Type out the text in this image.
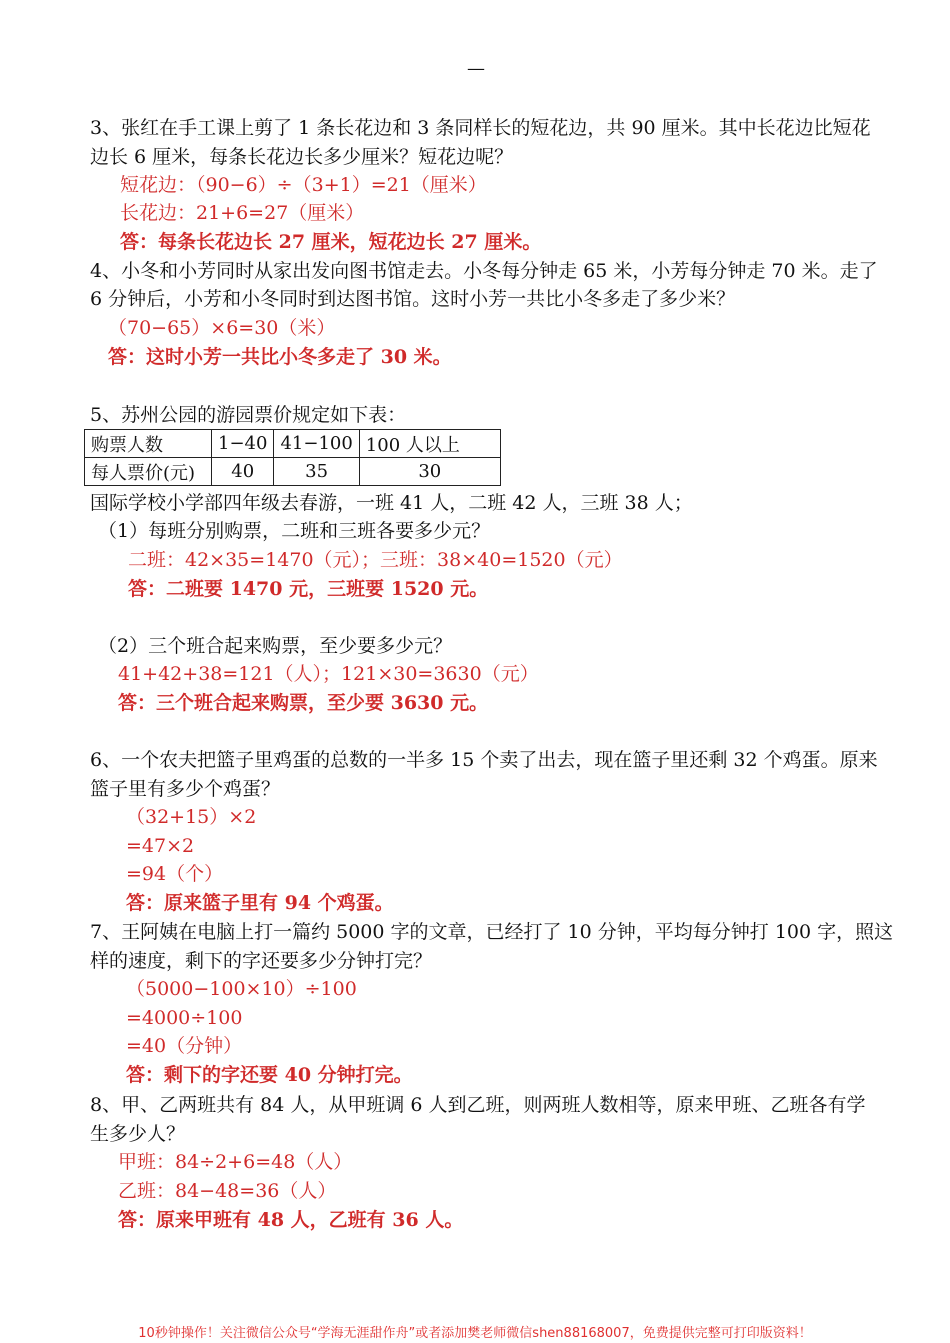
—
3、张红在手工课上剪了 1 条长花边和 3 条同样长的短花边，共 90 厘米。其中长花边比短花
边长 6 厘米，每条长花边长多少厘米？短花边呢？
短花边：（90−6）÷（3+1）=21（厘米）
长花边：21+6=27（厘米）
答：每条长花边长 27 厘米，短花边长 27 厘米。
4、小冬和小芳同时从家出发向图书馆走去。小冬每分钟走 65 米，小芳每分钟走 70 米。走了
6 分钟后，小芳和小冬同时到达图书馆。这时小芳一共比小冬多走了多少米？
（70−65）×6=30（米）
答：这时小芳一共比小冬多走了 30 米。
5、苏州公园的游园票价规定如下表：
购票人数	1−40	41−100	100 人以上
每人票价(元)	40	35	30
国际学校小学部四年级去春游，一班 41 人，二班 42 人，三班 38 人；
（1）每班分别购票，二班和三班各要多少元？
二班：42×35=1470（元）；三班：38×40=1520（元）
答：二班要 1470 元，三班要 1520 元。
（2）三个班合起来购票，至少要多少元？
41+42+38=121（人）；121×30=3630（元）
答：三个班合起来购票，至少要 3630 元。
6、一个农夫把篮子里鸡蛋的总数的一半多 15 个卖了出去，现在篮子里还剩 32 个鸡蛋。原来
篮子里有多少个鸡蛋？
（32+15）×2
=47×2
=94（个）
答：原来篮子里有 94 个鸡蛋。
7、王阿姨在电脑上打一篇约 5000 字的文章，已经打了 10 分钟，平均每分钟打 100 字，照这
样的速度，剩下的字还要多少分钟打完？
（5000−100×10）÷100
=4000÷100
=40（分钟）
答：剩下的字还要 40 分钟打完。
8、甲、乙两班共有 84 人，从甲班调 6 人到乙班，则两班人数相等，原来甲班、乙班各有学
生多少人？
甲班：84÷2+6=48（人）
乙班：84−48=36（人）
答：原来甲班有 48 人，乙班有 36 人。
10秒钟操作！关注微信公众号“学海无涯甜作舟”或者添加樊老师微信shen88168007，免费提供完整可打印版资料！
